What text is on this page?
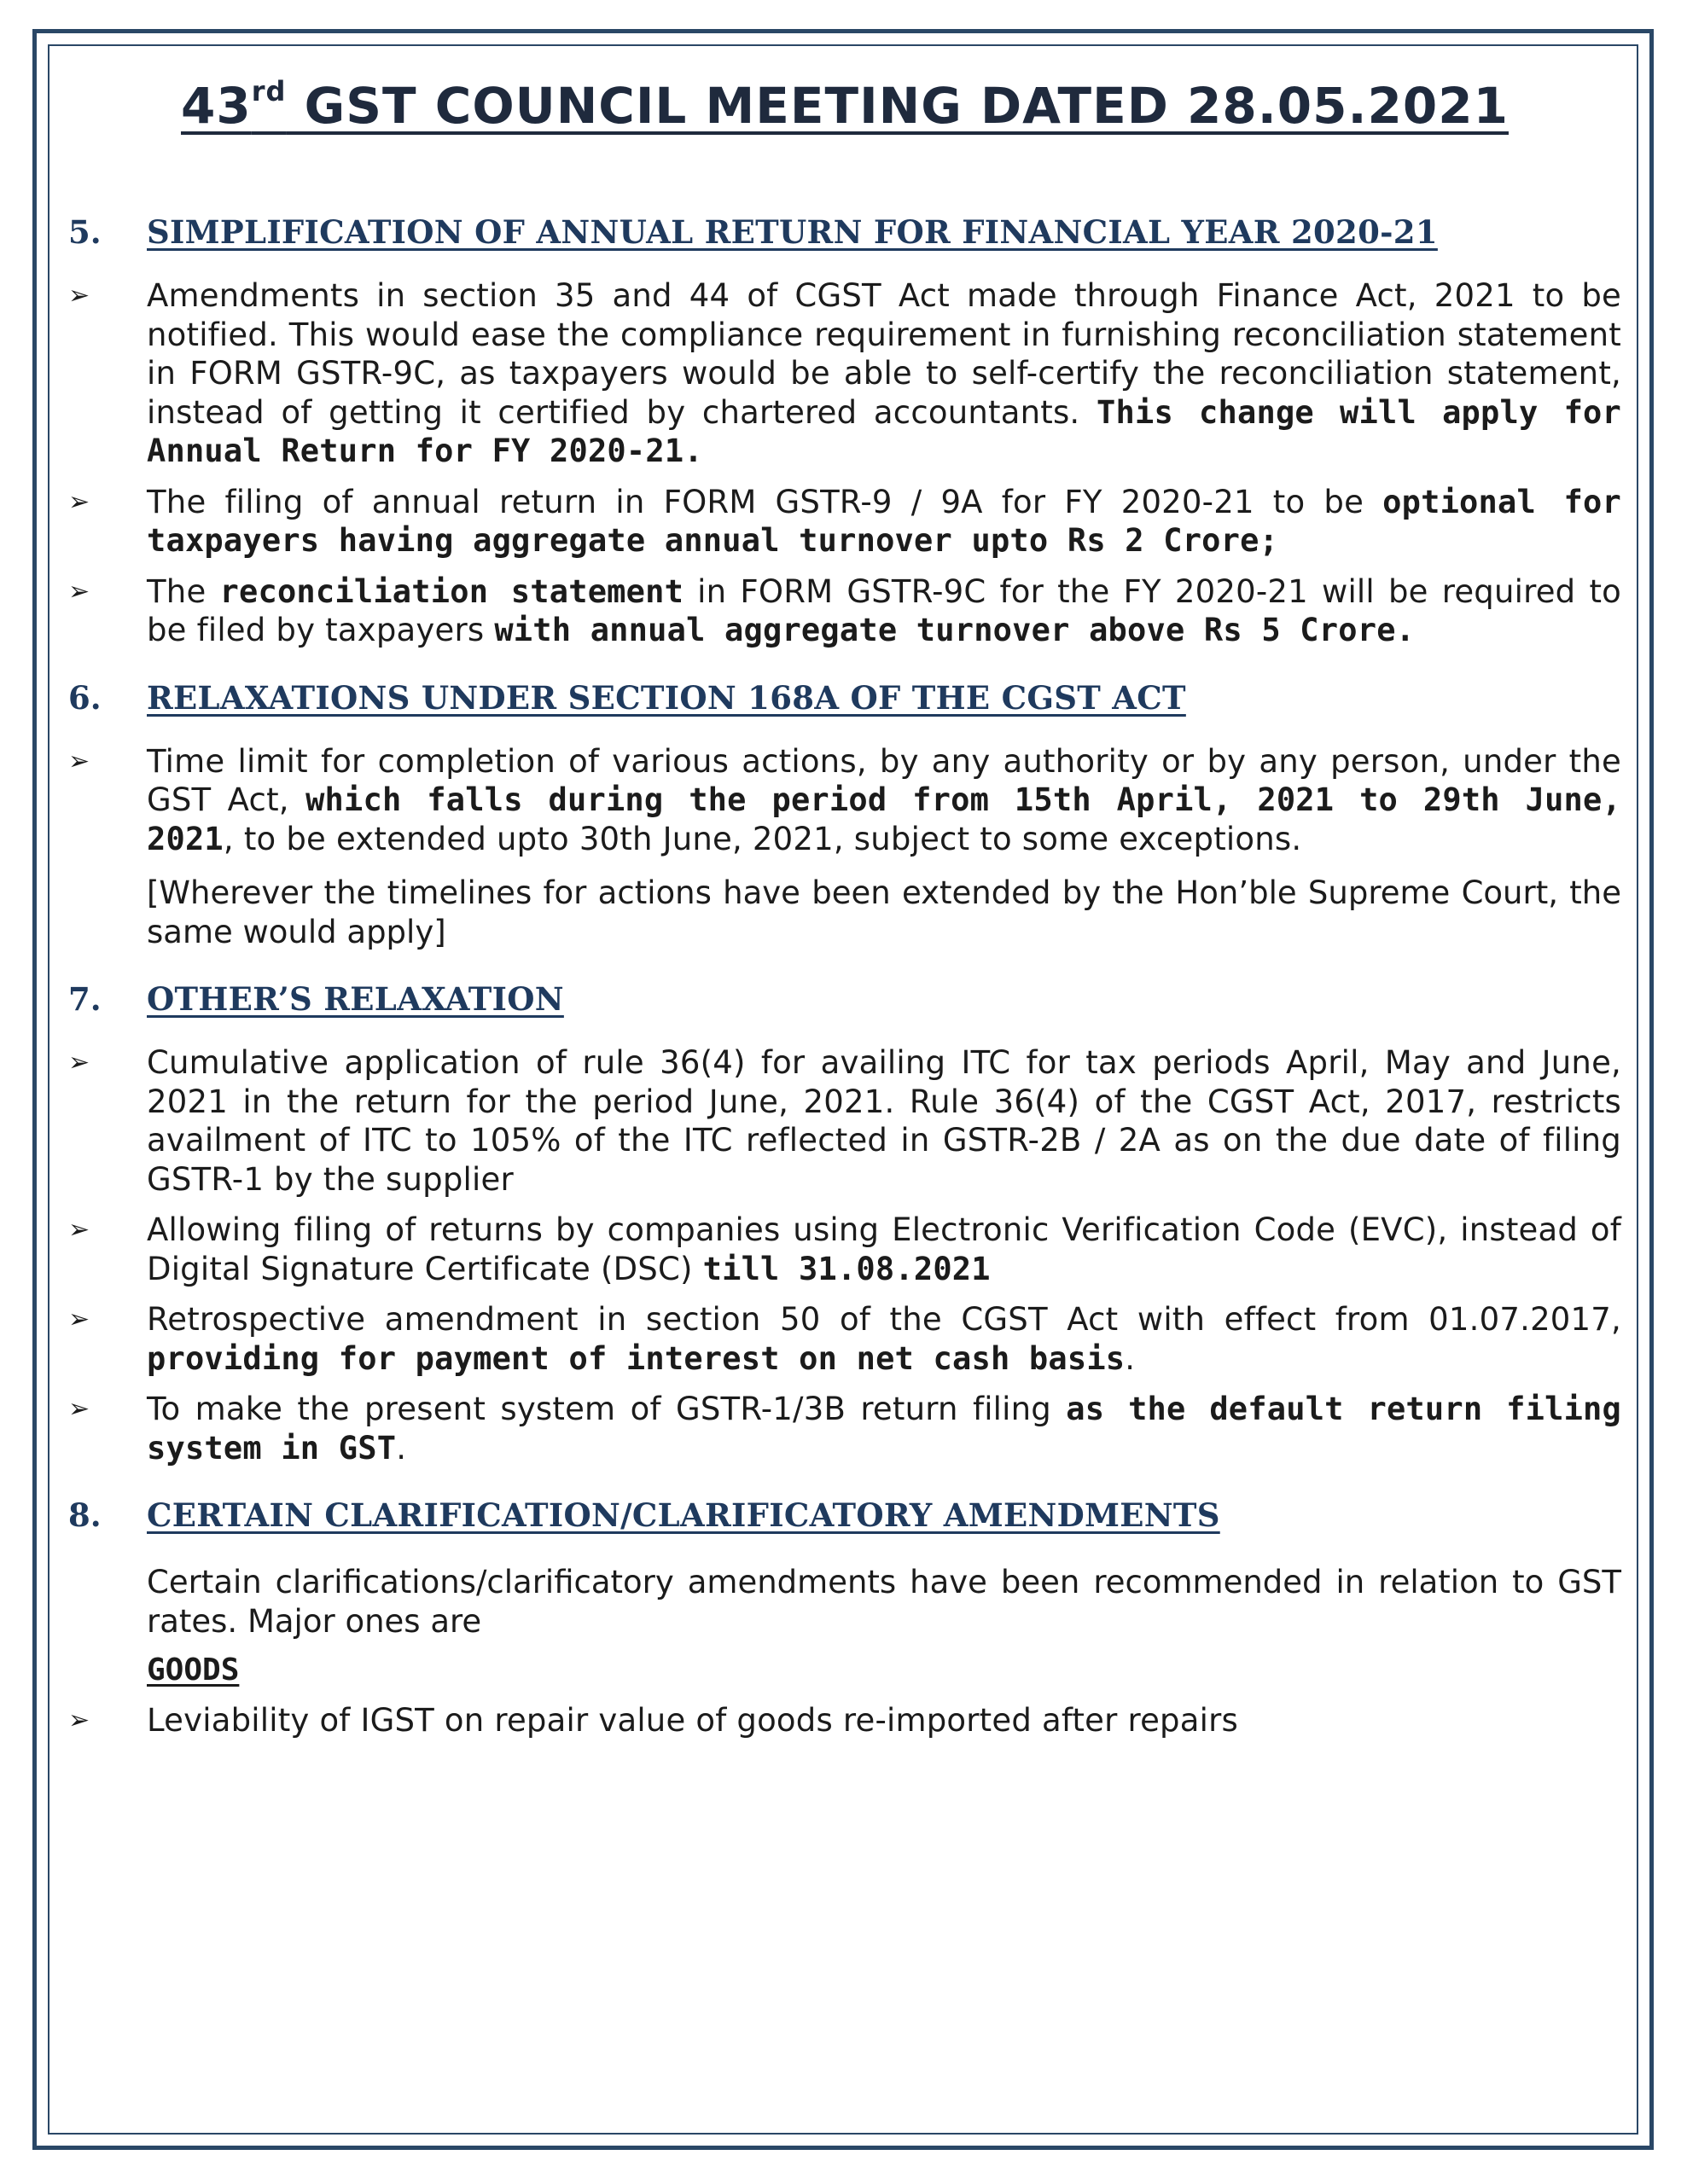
43rd GST COUNCIL MEETING DATED 28.05.2021
5.	SIMPLIFICATION OF ANNUAL RETURN FOR FINANCIAL YEAR 2020-21
➢	Amendments in section 35 and 44 of CGST Act made through Finance Act, 2021 to be notified. This would ease the compliance requirement in furnishing reconciliation statement in FORM GSTR-9C, as taxpayers would be able to self-certify the reconciliation statement, instead of getting it certified by chartered accountants. This change will apply for Annual Return for FY 2020-21.
➢	The filing of annual return in FORM GSTR-9 / 9A for FY 2020-21 to be optional for taxpayers having aggregate annual turnover upto Rs 2 Crore;
➢	The reconciliation statement in FORM GSTR-9C for the FY 2020-21 will be required to be filed by taxpayers with annual aggregate turnover above Rs 5 Crore.
6.	RELAXATIONS UNDER SECTION 168A OF THE CGST ACT
➢	Time limit for completion of various actions, by any authority or by any person, under the GST Act, which falls during the period from 15th April, 2021 to 29th June, 2021, to be extended upto 30th June, 2021, subject to some exceptions.
[Wherever the timelines for actions have been extended by the Hon’ble Supreme Court, the same would apply]
7.	OTHER’S RELAXATION
➢	Cumulative application of rule 36(4) for availing ITC for tax periods April, May and June, 2021 in the return for the period June, 2021. Rule 36(4) of the CGST Act, 2017, restricts availment of ITC to 105% of the ITC reflected in GSTR-2B / 2A as on the due date of filing GSTR-1 by the supplier
➢	Allowing filing of returns by companies using Electronic Verification Code (EVC), instead of Digital Signature Certificate (DSC) till 31.08.2021
➢	Retrospective amendment in section 50 of the CGST Act with effect from 01.07.2017, providing for payment of interest on net cash basis.
➢	To make the present system of GSTR-1/3B return filing as the default return filing system in GST.
8.	CERTAIN CLARIFICATION/CLARIFICATORY AMENDMENTS
Certain clarifications/clarificatory amendments have been recommended in relation to GST rates. Major ones are
GOODS
➢	Leviability of IGST on repair value of goods re-imported after repairs
